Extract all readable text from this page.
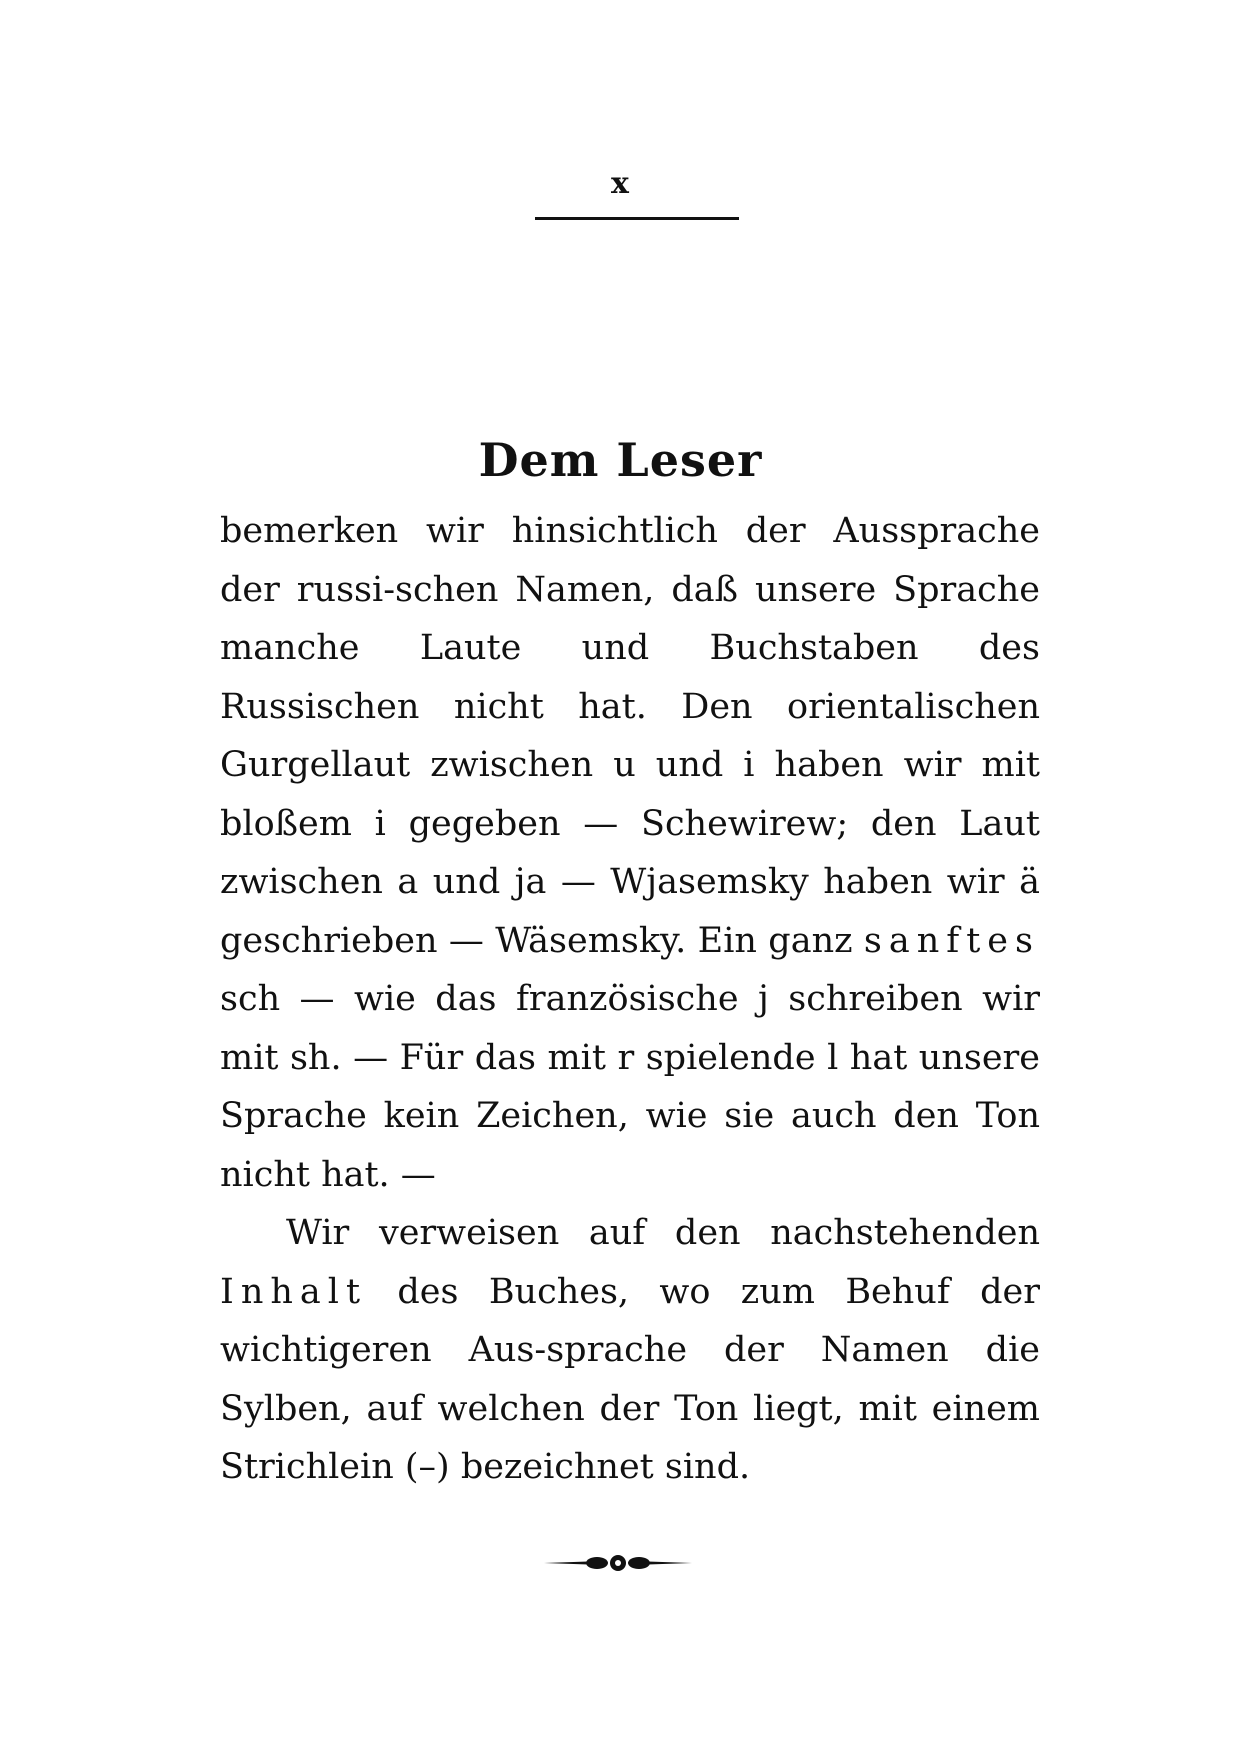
x
Dem Leser

bemerken wir hinsichtlich der Aussprache der russi-schen Namen, daß unsere Sprache manche Laute und Buchstaben des Russischen nicht hat. Den orientalischen Gurgellaut zwischen u und i haben wir mit bloßem i gegeben — Schewirew; den Laut zwischen a und ja — Wjasemsky haben wir ä geschrieben — Wäsemsky. Ein ganz sanftes sch — wie das französische j schreiben wir mit sh. — Für das mit r spielende l hat unsere Sprache kein Zeichen, wie sie auch den Ton nicht hat. —

Wir verweisen auf den nachstehenden Inhalt des Buches, wo zum Behuf der wichtigeren Aus-sprache der Namen die Sylben, auf welchen der Ton liegt, mit einem Strichlein (–) bezeichnet sind.
